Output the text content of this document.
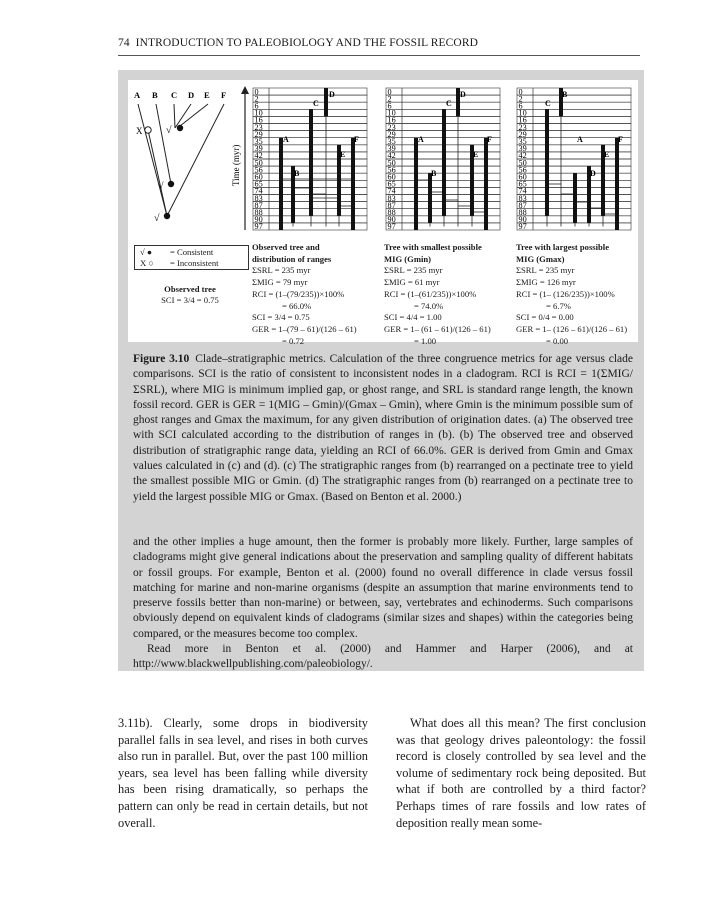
74 INTRODUCTION TO PALEOBIOLOGY AND THE FOSSIL RECORD
A B C D E F
X √
√
√
Time (myr)
0
2
6
10
16
23
29
35
39
42
50
56
60
65
74
83
87
88
90
97
A
B
C
D
E
F
0
2
6
10
16
23
29
35
39
42
50
56
60
65
74
83
87
88
90
97
A
B
C
D
E
F
0
2
6
10
16
23
29
35
39
42
50
56
60
65
74
83
87
88
90
97
A
B
C
D
E
F
√ ● = Consistent
X ○ = Inconsistent
Observed tree
SCI = 3/4 = 0.75
Observed tree and
distribution of ranges
ΣSRL = 235 myr
ΣMIG = 79 myr
RCI = (1–(79/235))×100%
= 66.0%
SCI = 3/4 = 0.75
GER = 1–(79 – 61)/(126 – 61)
= 0.72
Tree with smallest possible
MIG (Gmin)
ΣSRL = 235 myr
ΣMIG = 61 myr
RCI = (1–(61/235))×100%
= 74.0%
SCI = 4/4 = 1.00
GER = 1– (61 – 61)/(126 – 61)
= 1.00
Tree with largest possible
MIG (Gmax)
ΣSRL = 235 myr
ΣMIG = 126 myr
RCI = (1– (126/235))×100%
= 6.7%
SCI = 0/4 = 0.00
GER = 1– (126 – 61)/(126 – 61)
= 0.00
Figure 3.10 Clade–stratigraphic metrics. Calculation of the three congruence metrics for age versus clade comparisons. SCI is the ratio of consistent to inconsistent nodes in a cladogram. RCI is RCI = 1(ΣMIG/ΣSRL), where MIG is minimum implied gap, or ghost range, and SRL is standard range length, the known fossil record. GER is GER = 1(MIG – Gmin)/(Gmax – Gmin), where Gmin is the minimum possible sum of ghost ranges and Gmax the maximum, for any given distribution of origination dates. (a) The observed tree with SCI calculated according to the distribution of ranges in (b). (b) The observed tree and observed distribution of stratigraphic range data, yielding an RCI of 66.0%. GER is derived from Gmin and Gmax values calculated in (c) and (d). (c) The stratigraphic ranges from (b) rearranged on a pectinate tree to yield the smallest possible MIG or Gmin. (d) The stratigraphic ranges from (b) rearranged on a pectinate tree to yield the largest possible MIG or Gmax. (Based on Benton et al. 2000.)

and the other implies a huge amount, then the former is probably more likely. Further, large samples of cladograms might give general indications about the preservation and sampling quality of different habitats or fossil groups. For example, Benton et al. (2000) found no overall difference in clade versus fossil matching for marine and non-marine organisms (despite an assumption that marine environments tend to preserve fossils better than non-marine) or between, say, vertebrates and echinoderms. Such comparisons obviously depend on equivalent kinds of cladograms (similar sizes and shapes) within the categories being compared, or the measures become too complex.

Read more in Benton et al. (2000) and Hammer and Harper (2006), and at http://www.blackwellpublishing.com/paleobiology/.

3.11b). Clearly, some drops in biodiversity parallel falls in sea level, and rises in both curves also run in parallel. But, over the past 100 million years, sea level has been falling while diversity has been rising dramatically, so perhaps the pattern can only be read in certain details, but not overall.
What does all this mean? The first conclusion was that geology drives paleontology: the fossil record is closely controlled by sea level and the volume of sedimentary rock being deposited. But what if both are controlled by a third factor? Perhaps times of rare fossils and low rates of deposition really mean some-
